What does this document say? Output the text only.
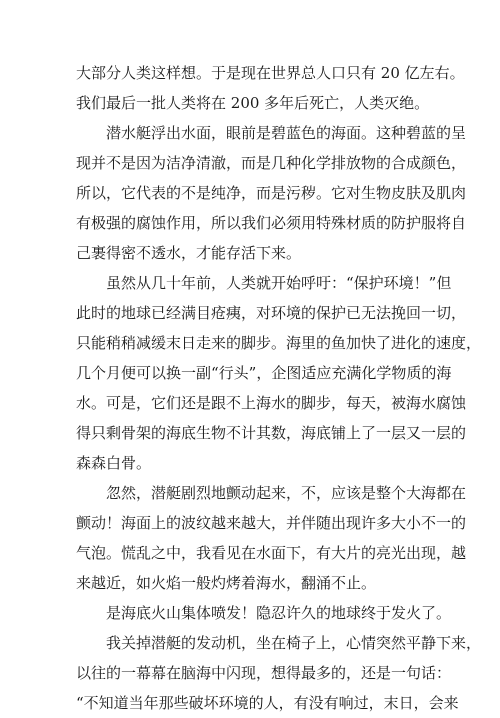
大部分人类这样想。于是现在世界总人口只有 20 亿左右。
我们最后一批人类将在 200 多年后死亡，人类灭绝。
　　潜水艇浮出水面，眼前是碧蓝色的海面。这种碧蓝的呈
现并不是因为洁净清澈，而是几种化学排放物的合成颜色，
所以，它代表的不是纯净，而是污秽。它对生物皮肤及肌肉
有极强的腐蚀作用，所以我们必须用特殊材质的防护服将自
己裹得密不透水，才能存活下来。
　　虽然从几十年前，人类就开始呼吁：“保护环境！”但
此时的地球已经满目疮痍，对环境的保护已无法挽回一切，
只能稍稍减缓末日走来的脚步。海里的鱼加快了进化的速度，
几个月便可以换一副“行头”，企图适应充满化学物质的海
水。可是，它们还是跟不上海水的脚步，每天，被海水腐蚀
得只剩骨架的海底生物不计其数，海底铺上了一层又一层的
森森白骨。
　　忽然，潜艇剧烈地颤动起来，不，应该是整个大海都在
颤动！海面上的波纹越来越大，并伴随出现许多大小不一的
气泡。慌乱之中，我看见在水面下，有大片的亮光出现，越
来越近，如火焰一般灼烤着海水，翻涌不止。
　　是海底火山集体喷发！隐忍许久的地球终于发火了。
　　我关掉潜艇的发动机，坐在椅子上，心情突然平静下来，
以往的一幕幕在脑海中闪现，想得最多的，还是一句话：
“不知道当年那些破坏环境的人，有没有响过，末日，会来
